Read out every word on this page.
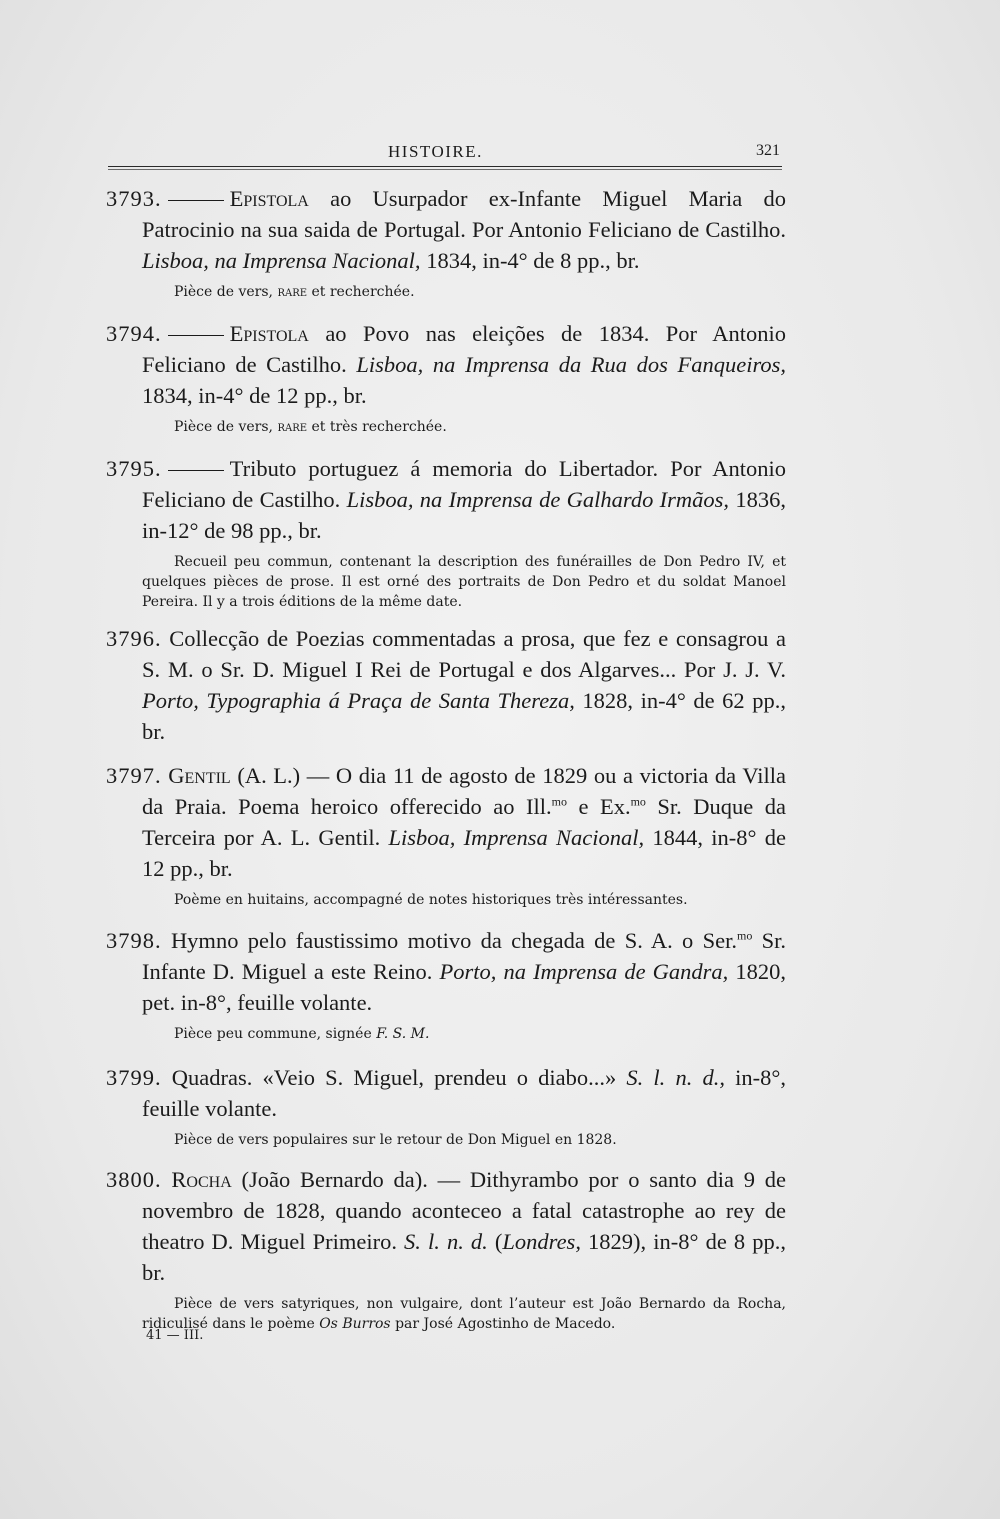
HISTOIRE.	321
3793.	Epistola ao Usurpador ex-Infante Miguel Maria do Patrocinio na sua saida de Portugal. Por Antonio Feliciano de Castilho. Lisboa, na Imprensa Nacional, 1834, in-4° de 8 pp., br.
Pièce de vers, rare et recherchée.
3794.	Epistola ao Povo nas eleições de 1834. Por Antonio Feliciano de Castilho. Lisboa, na Imprensa da Rua dos Fanqueiros, 1834, in-4° de 12 pp., br.
Pièce de vers, rare et très recherchée.
3795.	Tributo portuguez á memoria do Libertador. Por Antonio Feliciano de Castilho. Lisboa, na Imprensa de Galhardo Irmãos, 1836, in-12° de 98 pp., br.
Recueil peu commun, contenant la description des funérailles de Don Pedro IV, et quelques pièces de prose. Il est orné des portraits de Don Pedro et du soldat Manoel Pereira. Il y a trois éditions de la même date.
3796. Collecção de Poezias commentadas a prosa, que fez e consagrou a S. M. o Sr. D. Miguel I Rei de Portugal e dos Algarves... Por J. J. V. Porto, Typographia á Praça de Santa Thereza, 1828, in-4° de 62 pp., br.
3797. Gentil (A. L.) — O dia 11 de agosto de 1829 ou a victoria da Villa da Praia. Poema heroico offerecido ao Ill.$^{mo}$ e Ex.$^{mo}$ Sr. Duque da Terceira por A. L. Gentil. Lisboa, Imprensa Nacional, 1844, in-8° de 12 pp., br.
Poème en huitains, accompagné de notes historiques très intéressantes.
3798. Hymno pelo faustissimo motivo da chegada de S. A. o Ser.$^{mo}$ Sr. Infante D. Miguel a este Reino. Porto, na Imprensa de Gandra, 1820, pet. in-8°, feuille volante.
Pièce peu commune, signée F. S. M.
3799. Quadras. «Veio S. Miguel, prendeu o diabo...» S. l. n. d., in-8°, feuille volante.
Pièce de vers populaires sur le retour de Don Miguel en 1828.
3800. Rocha (João Bernardo da). — Dithyrambo por o santo dia 9 de novembro de 1828, quando aconteceo a fatal catastrophe ao rey de theatro D. Miguel Primeiro. S. l. n. d. (Londres, 1829), in-8° de 8 pp., br.
Pièce de vers satyriques, non vulgaire, dont l’auteur est João Bernardo da Rocha, ridiculisé dans le poème Os Burros par José Agostinho de Macedo.
41 — III.
